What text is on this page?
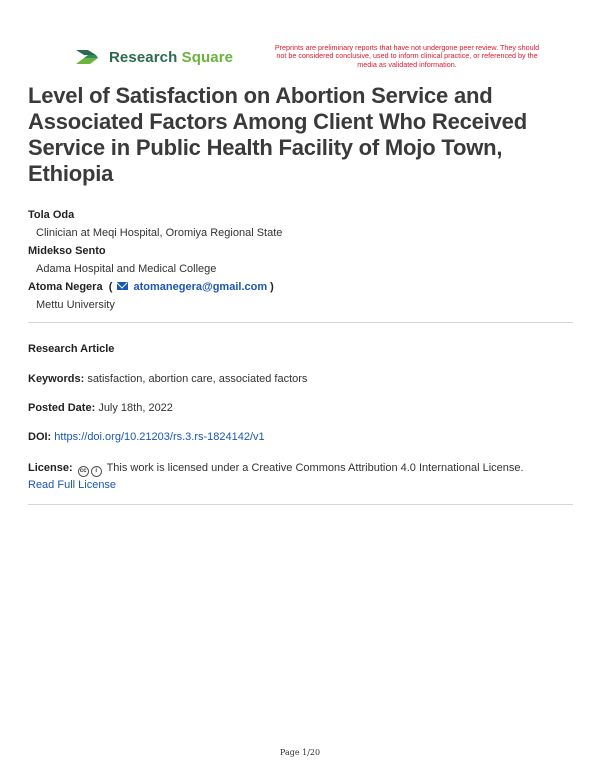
Research Square
Preprints are preliminary reports that have not undergone peer review. They should not be considered conclusive, used to inform clinical practice, or referenced by the media as validated information.
Level of Satisfaction on Abortion Service and Associated Factors Among Client Who Received Service in Public Health Facility of Mojo Town, Ethiopia
Tola Oda
Clinician at Meqi Hospital, Oromiya Regional State
Midekso Sento
Adama Hospital and Medical College
Atoma Negera  ( atomanegera@gmail.com )
Mettu University
Research Article
Keywords: satisfaction, abortion care, associated factors
Posted Date: July 18th, 2022
DOI: https://doi.org/10.21203/rs.3.rs-1824142/v1
License:	cc	i This work is licensed under a Creative Commons Attribution 4.0 International License.
Read Full License
Page 1/20
